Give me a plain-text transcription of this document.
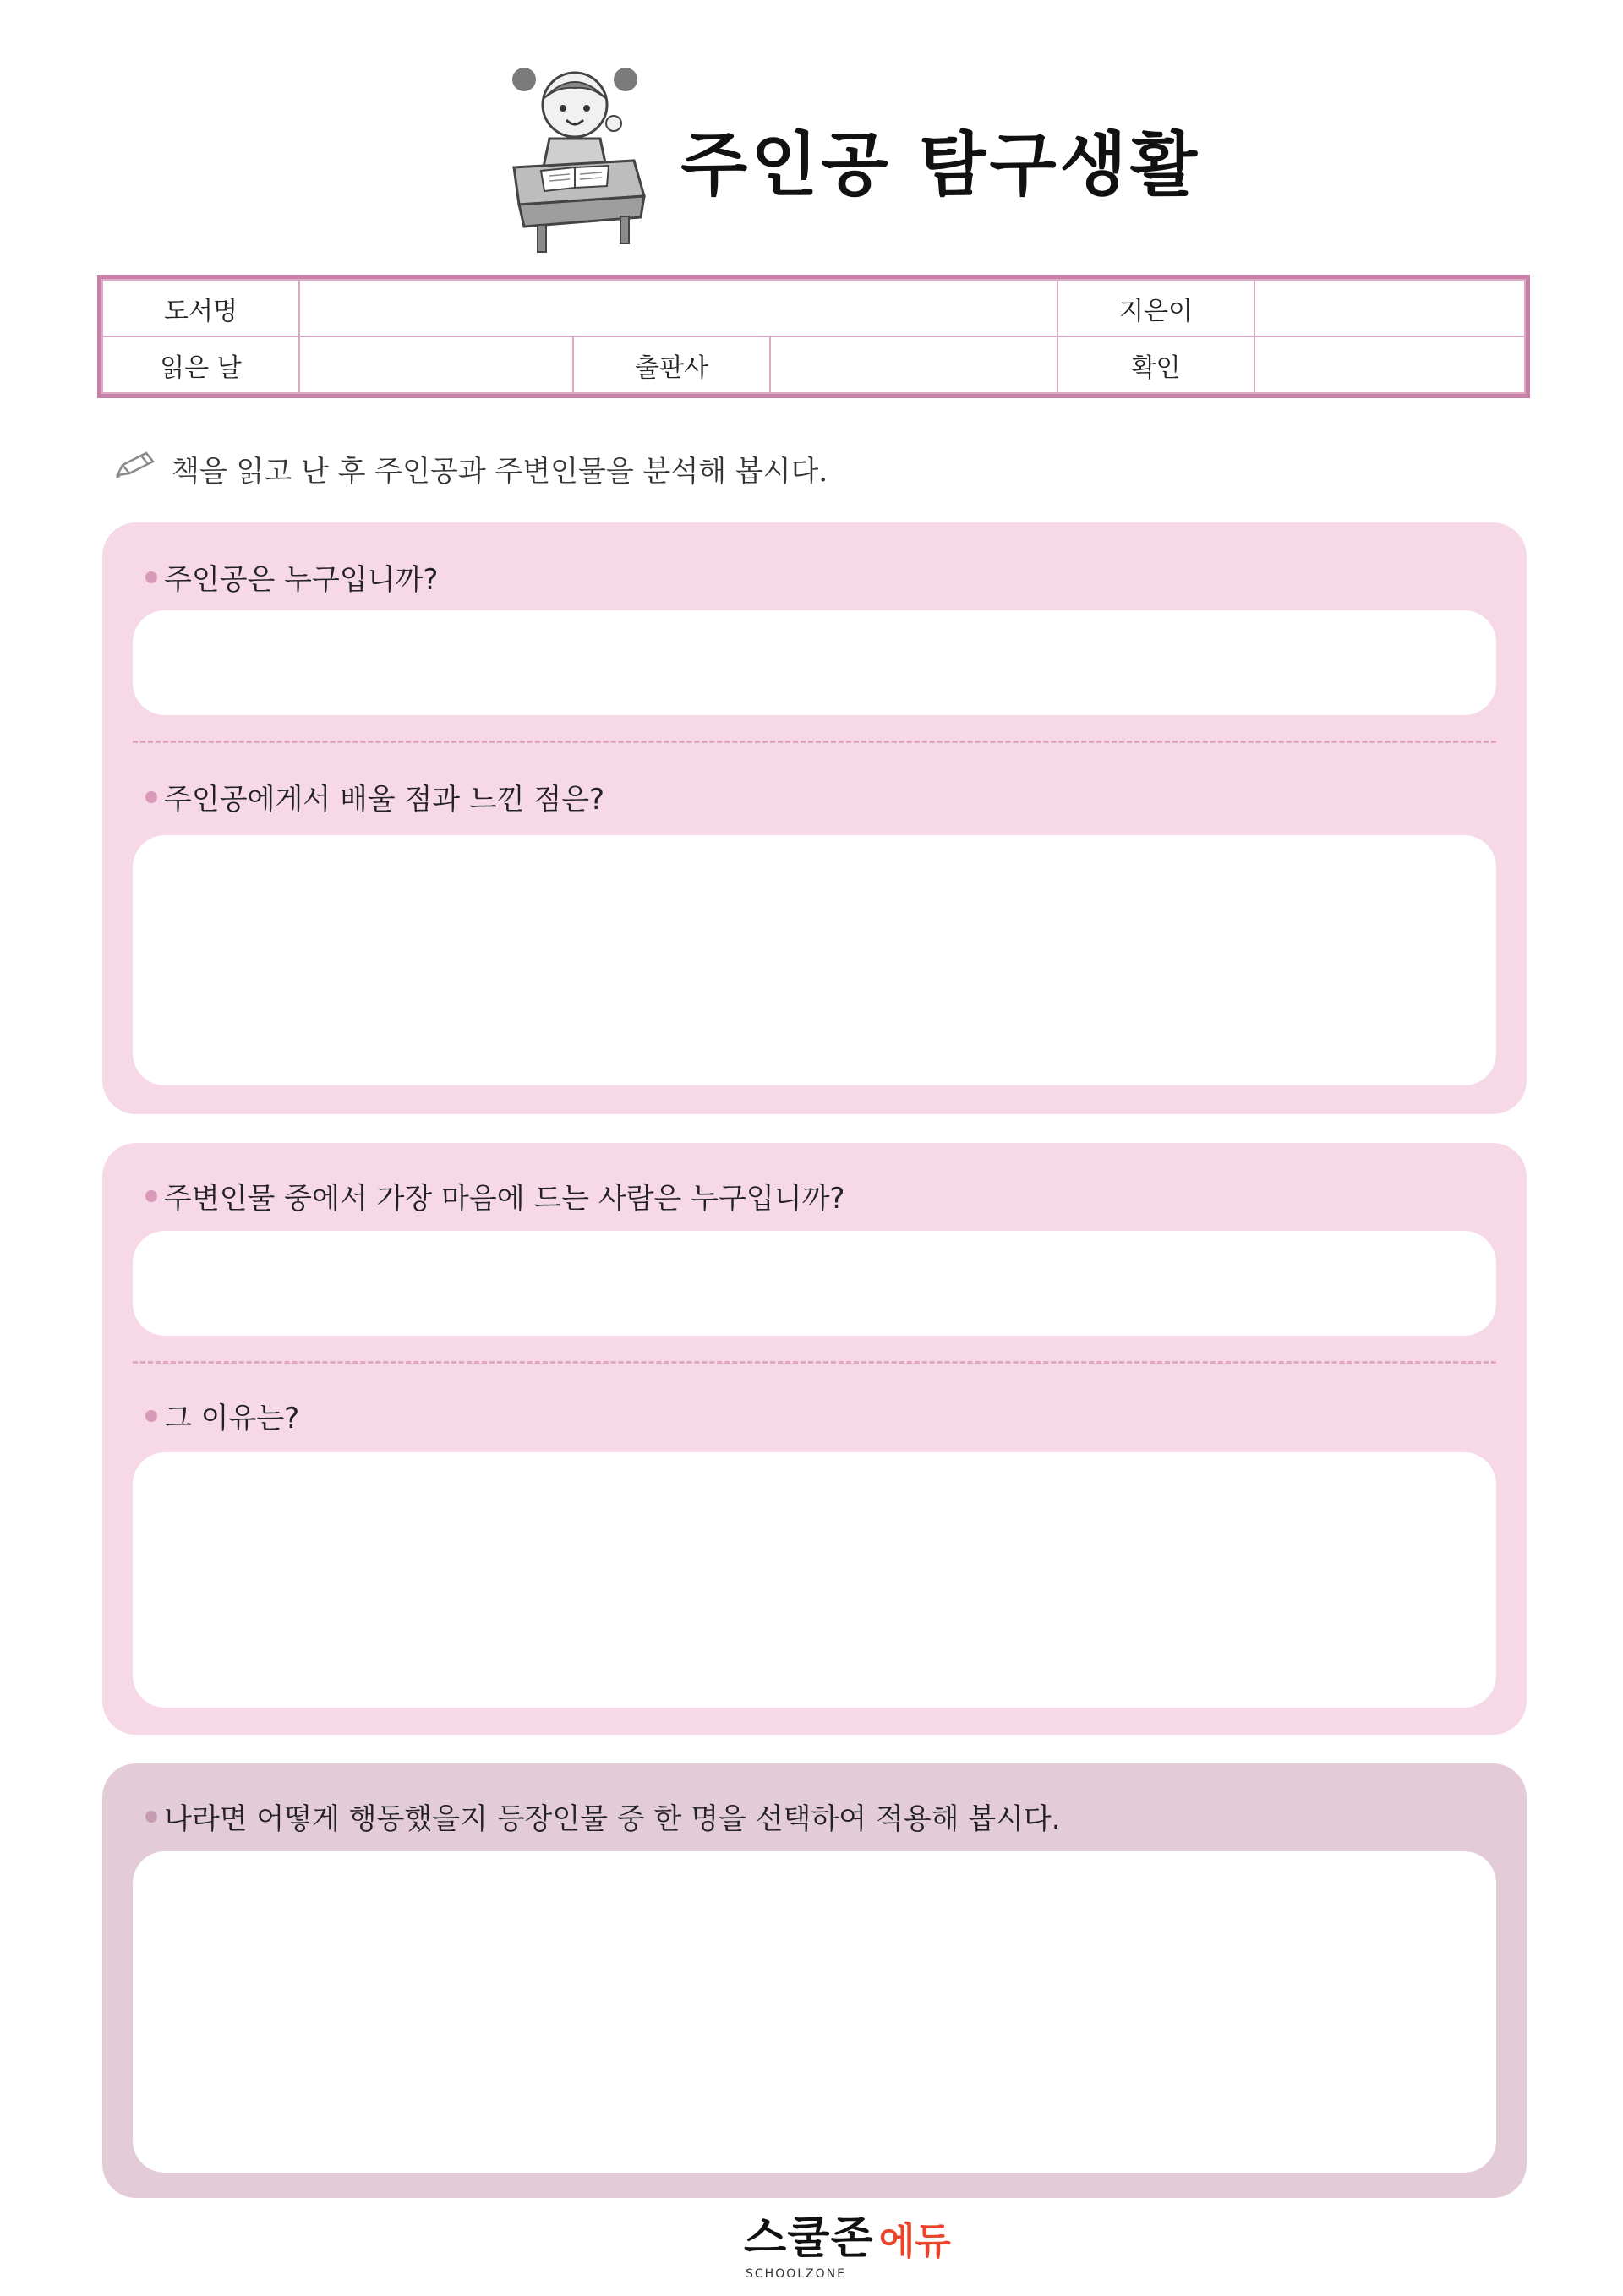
주인공 탐구생활
도서명				지은이	
읽은 날		출판사		확인	
책을 읽고 난 후 주인공과 주변인물을 분석해 봅시다.
주인공은 누구입니까?
주인공에게서 배울 점과 느낀 점은?
주변인물 중에서 가장 마음에 드는 사람은 누구입니까?
그 이유는?
나라면 어떻게 행동했을지 등장인물 중 한 명을 선택하여 적용해 봅시다.
스쿨존 에듀
SCHOOLZONE
